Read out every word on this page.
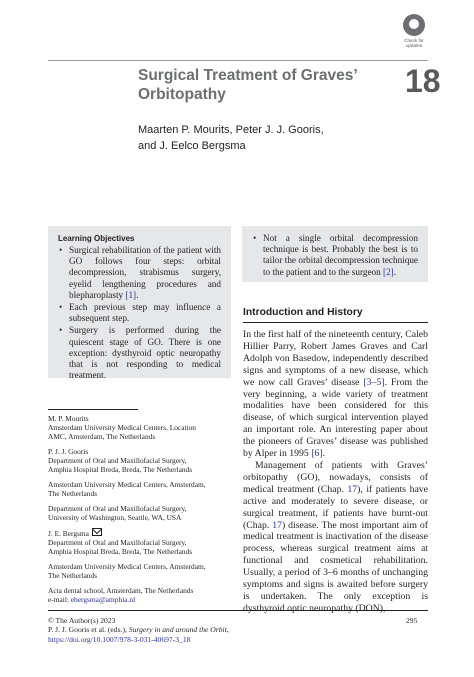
Check for
updates
18
Surgical Treatment of Graves’
Orbitopathy
Maarten P. Mourits, Peter J. J. Gooris,
and J. Eelco Bergsma
Learning Objectives
• Surgical rehabilitation of the patient with GO follows four steps: orbital decompression, strabismus surgery, eyelid lengthening procedures and blepharoplasty [1].
• Each previous step may influence a subsequent step.
• Surgery is performed during the quiescent stage of GO. There is one exception: dysthyroid optic neuropathy that is not responding to medical treatment.
• Not a single orbital decompression technique is best. Probably the best is to tailor the orbital decompression technique to the patient and to the surgeon [2].
Introduction and History

In the first half of the nineteenth century, Caleb Hillier Parry, Robert James Graves and Carl Adolph von Basedow, independently described signs and symptoms of a new disease, which we now call Graves’ disease [3–5]. From the very beginning, a wide variety of treatment modalities have been considered for this disease, of which surgical intervention played an important role. An interesting paper about the pioneers of Graves’ disease was published by Alper in 1995 [6].

Management of patients with Graves’ orbitopathy (GO), nowadays, consists of medical treatment (Chap. 17), if patients have active and moderately to severe disease, or surgical treatment, if patients have burnt-out (Chap. 17) disease. The most important aim of medical treatment is inactivation of the disease process, whereas surgical treatment aims at functional and cosmetical rehabilitation. Usually, a period of 3–6 months of unchanging symptoms and signs is awaited before surgery is undertaken. The only exception is dysthyroid optic neuropathy (DON),

M. P. Mourits
Amsterdam University Medical Centers, Location
AMC, Amsterdam, The Netherlands

P. J. J. Gooris
Department of Oral and Maxillofacial Surgery,
Amphia Hospital Breda, Breda, The Netherlands

Amsterdam University Medical Centers, Amsterdam,
The Netherlands

Department of Oral and Maxillofacial Surgery,
University of Washington, Seattle, WA, USA

J. E. Bergsma
Department of Oral and Maxillofacial Surgery,
Amphia Hospital Breda, Breda, The Netherlands

Amsterdam University Medical Centers, Amsterdam,
The Netherlands

Acta dental school, Amsterdam, The Netherlands
e-mail: ebergsma@amphia.nl

© The Author(s) 2023
P. J. J. Gooris et al. (eds.), Surgery in and around the Orbit,
https://doi.org/10.1007/978-3-031-40697-3_18
295
